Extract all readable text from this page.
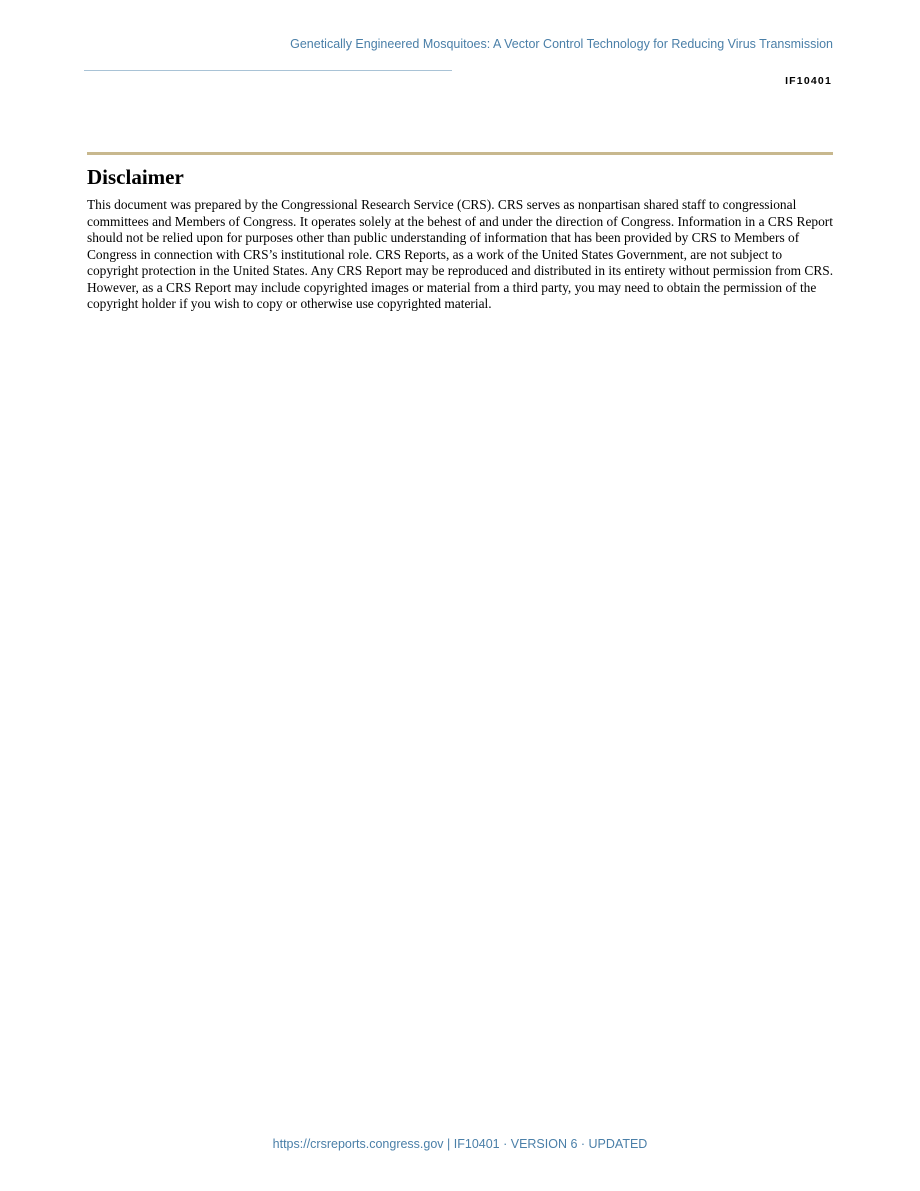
Genetically Engineered Mosquitoes: A Vector Control Technology for Reducing Virus Transmission
IF10401
Disclaimer

This document was prepared by the Congressional Research Service (CRS). CRS serves as nonpartisan shared staff to congressional committees and Members of Congress. It operates solely at the behest of and under the direction of Congress. Information in a CRS Report should not be relied upon for purposes other than public understanding of information that has been provided by CRS to Members of Congress in connection with CRS’s institutional role. CRS Reports, as a work of the United States Government, are not subject to copyright protection in the United States. Any CRS Report may be reproduced and distributed in its entirety without permission from CRS. However, as a CRS Report may include copyrighted images or material from a third party, you may need to obtain the permission of the copyright holder if you wish to copy or otherwise use copyrighted material.

https://crsreports.congress.gov | IF10401 · VERSION 6 · UPDATED
